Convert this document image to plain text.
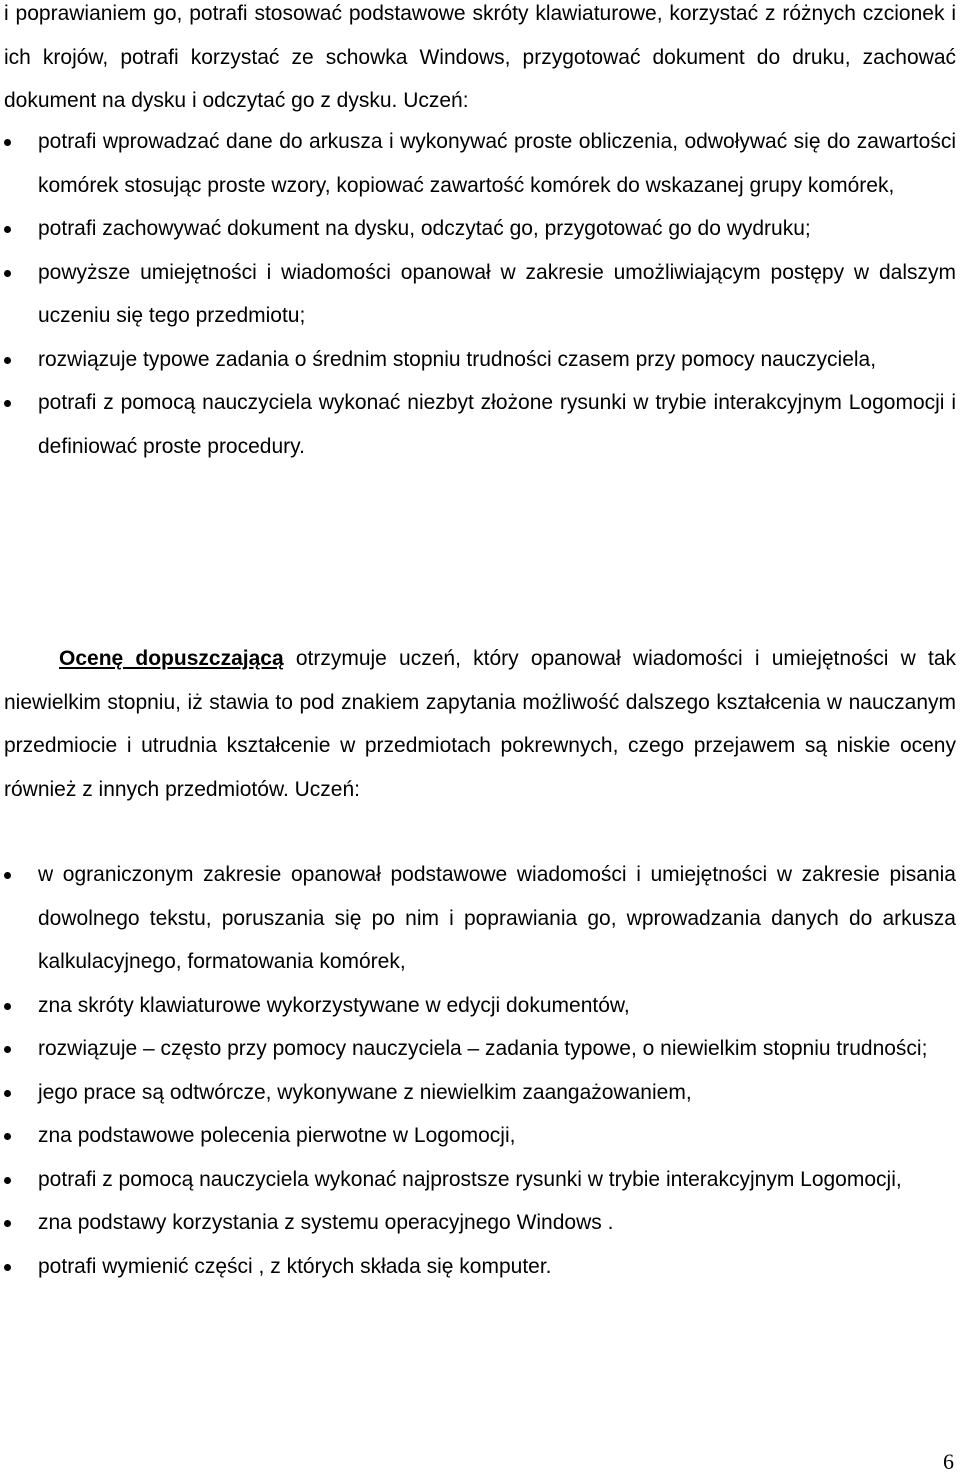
i poprawianiem go, potrafi stosować podstawowe skróty klawiaturowe, korzystać z różnych czcionek i ich krojów, potrafi korzystać ze schowka Windows, przygotować dokument do druku, zachować dokument na dysku i odczytać go z dysku. Uczeń:

potrafi wprowadzać dane do arkusza i wykonywać proste obliczenia, odwoływać się do zawartości komórek stosując proste wzory, kopiować zawartość komórek do wskazanej grupy komórek,
potrafi zachowywać dokument na dysku, odczytać go, przygotować go do wydruku;
powyższe umiejętności i wiadomości opanował w zakresie umożliwiającym postępy w dalszym uczeniu się tego przedmiotu;
rozwiązuje typowe zadania o średnim stopniu trudności czasem przy pomocy nauczyciela,
potrafi z pomocą nauczyciela wykonać niezbyt złożone rysunki w trybie interakcyjnym Logomocji i definiować proste procedury.

Ocenę dopuszczającą otrzymuje uczeń, który opanował wiadomości i umiejętności w tak niewielkim stopniu, iż stawia to pod znakiem zapytania możliwość dalszego kształcenia w nauczanym przedmiocie i utrudnia kształcenie w przedmiotach pokrewnych, czego przejawem są niskie oceny również z innych przedmiotów. Uczeń:

w ograniczonym zakresie opanował podstawowe wiadomości i umiejętności w zakresie pisania dowolnego tekstu, poruszania się po nim i poprawiania go, wprowadzania danych do arkusza kalkulacyjnego, formatowania komórek,
zna skróty klawiaturowe wykorzystywane w edycji dokumentów,
rozwiązuje – często przy pomocy nauczyciela – zadania typowe, o niewielkim stopniu trudności;
jego prace są odtwórcze, wykonywane z niewielkim zaangażowaniem,
zna podstawowe polecenia pierwotne w Logomocji,
potrafi z pomocą nauczyciela wykonać najprostsze rysunki w trybie interakcyjnym Logomocji,
zna podstawy korzystania z systemu operacyjnego Windows .
potrafi wymienić części , z których składa się komputer.
6
